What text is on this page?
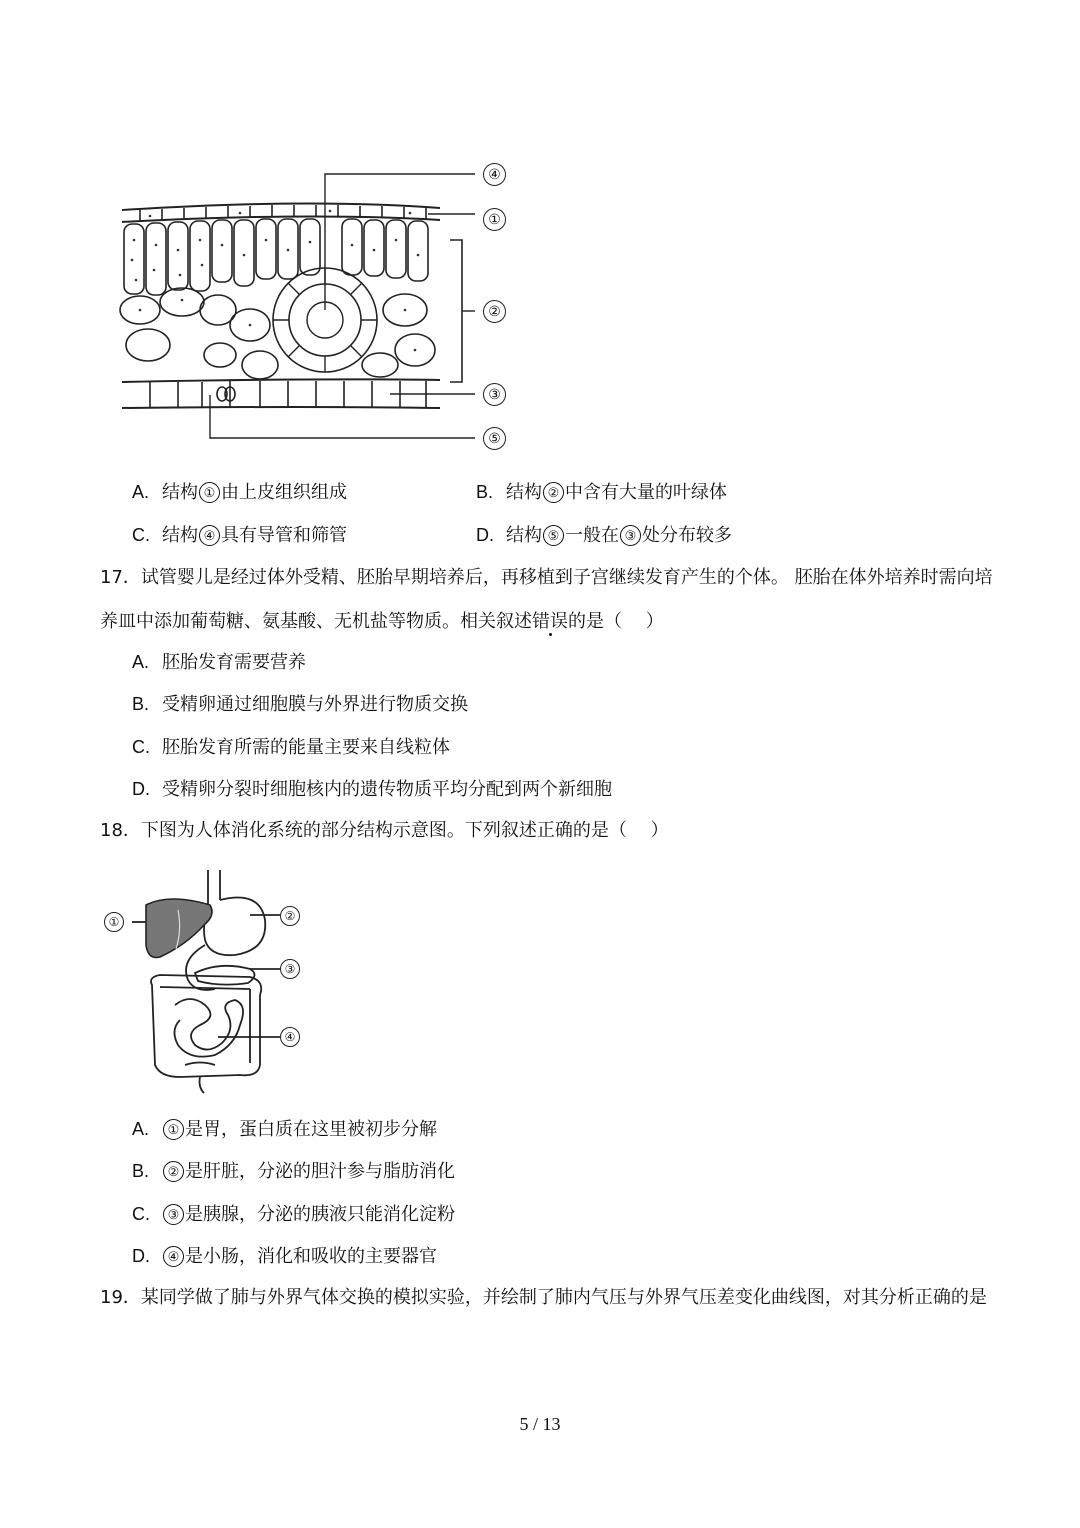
④
①
②
③
⑤
A. 结构 ① 由上皮组织组成	B. 结构 ② 中含有大量的叶绿体
C. 结构 ④ 具有导管和筛管	D. 结构 ⑤ 一般在 ③ 处分布较多
17．试管婴儿是经过体外受精、胚胎早期培养后，再移植到子宫继续发育产生的个体。 胚胎在体外培养时需向培养皿中添加葡萄糖、氨基酸、无机盐等物质。相关叙述错误的是（　 ）
A. 胚胎发育需要营养
B. 受精卵通过细胞膜与外界进行物质交换
C. 胚胎发育所需的能量主要来自线粒体
D. 受精卵分裂时细胞核内的遗传物质平均分配到两个新细胞
18．下图为人体消化系统的部分结构示意图。下列叙述正确的是（　 ）
①	②
③
④
A. ① 是胃，蛋白质在这里被初步分解
B. ② 是肝脏，分泌的胆汁参与脂肪消化
C. ③ 是胰腺，分泌的胰液只能消化淀粉
D. ④ 是小肠，消化和吸收的主要器官
19．某同学做了肺与外界气体交换的模拟实验，并绘制了肺内气压与外界气压差变化曲线图，对其分析正确的是
5 / 13
